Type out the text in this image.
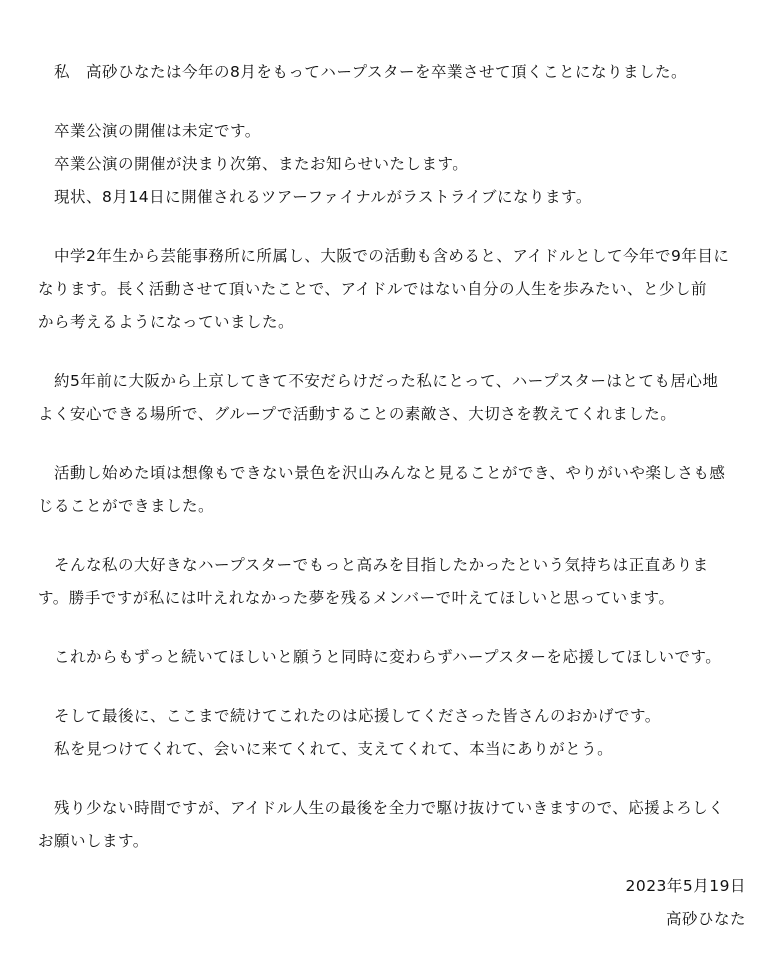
　私　高砂ひなたは今年の8月をもってハープスターを卒業させて頂くことになりました。
　卒業公演の開催は未定です。
　卒業公演の開催が決まり次第、またお知らせいたします。
　現状、8月14日に開催されるツアーファイナルがラストライブになります。
　中学2年生から芸能事務所に所属し、大阪での活動も含めると、アイドルとして今年で9年目に
なります。長く活動させて頂いたことで、アイドルではない自分の人生を歩みたい、と少し前
から考えるようになっていました。
　約5年前に大阪から上京してきて不安だらけだった私にとって、ハープスターはとても居心地
よく安心できる場所で、グループで活動することの素敵さ、大切さを教えてくれました。
　活動し始めた頃は想像もできない景色を沢山みんなと見ることができ、やりがいや楽しさも感
じることができました。
　そんな私の大好きなハープスターでもっと高みを目指したかったという気持ちは正直ありま
す。勝手ですが私には叶えれなかった夢を残るメンバーで叶えてほしいと思っています。
　これからもずっと続いてほしいと願うと同時に変わらずハープスターを応援してほしいです。
　そして最後に、ここまで続けてこれたのは応援してくださった皆さんのおかげです。
　私を見つけてくれて、会いに来てくれて、支えてくれて、本当にありがとう。
　残り少ない時間ですが、アイドル人生の最後を全力で駆け抜けていきますので、応援よろしく
お願いします。
2023年5月19日
高砂ひなた
